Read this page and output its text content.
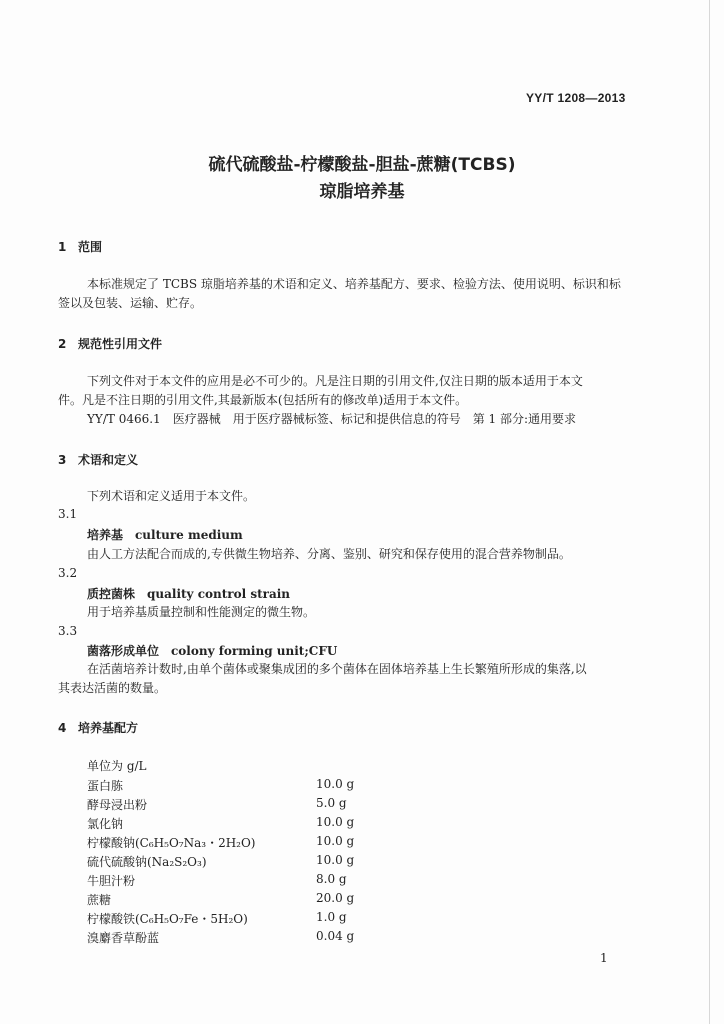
YY/T 1208—2013
硫代硫酸盐-柠檬酸盐-胆盐-蔗糖(TCBS)
琼脂培养基
1 范围
本标准规定了 TCBS 琼脂培养基的术语和定义、培养基配方、要求、检验方法、使用说明、标识和标
签以及包装、运输、贮存。
2 规范性引用文件
下列文件对于本文件的应用是必不可少的。凡是注日期的引用文件,仅注日期的版本适用于本文
件。凡是不注日期的引用文件,其最新版本(包括所有的修改单)适用于本文件。
YY/T 0466.1　医疗器械　用于医疗器械标签、标记和提供信息的符号　第 1 部分:通用要求
3 术语和定义
下列术语和定义适用于本文件。
3.1
培养基　culture medium
由人工方法配合而成的,专供微生物培养、分离、鉴别、研究和保存使用的混合营养物制品。
3.2
质控菌株　quality control strain
用于培养基质量控制和性能测定的微生物。
3.3
菌落形成单位　colony forming unit;CFU
在活菌培养计数时,由单个菌体或聚集成团的多个菌体在固体培养基上生长繁殖所形成的集落,以
其表达活菌的数量。
4 培养基配方
单位为 g/L
蛋白胨	10.0 g
酵母浸出粉	5.0 g
氯化钠	10.0 g
柠檬酸钠(C₆H₅O₇Na₃・2H₂O)	10.0 g
硫代硫酸钠(Na₂S₂O₃)	10.0 g
牛胆汁粉	8.0 g
蔗糖	20.0 g
柠檬酸铁(C₆H₅O₇Fe・5H₂O)	1.0 g
溴麝香草酚蓝	0.04 g
1
